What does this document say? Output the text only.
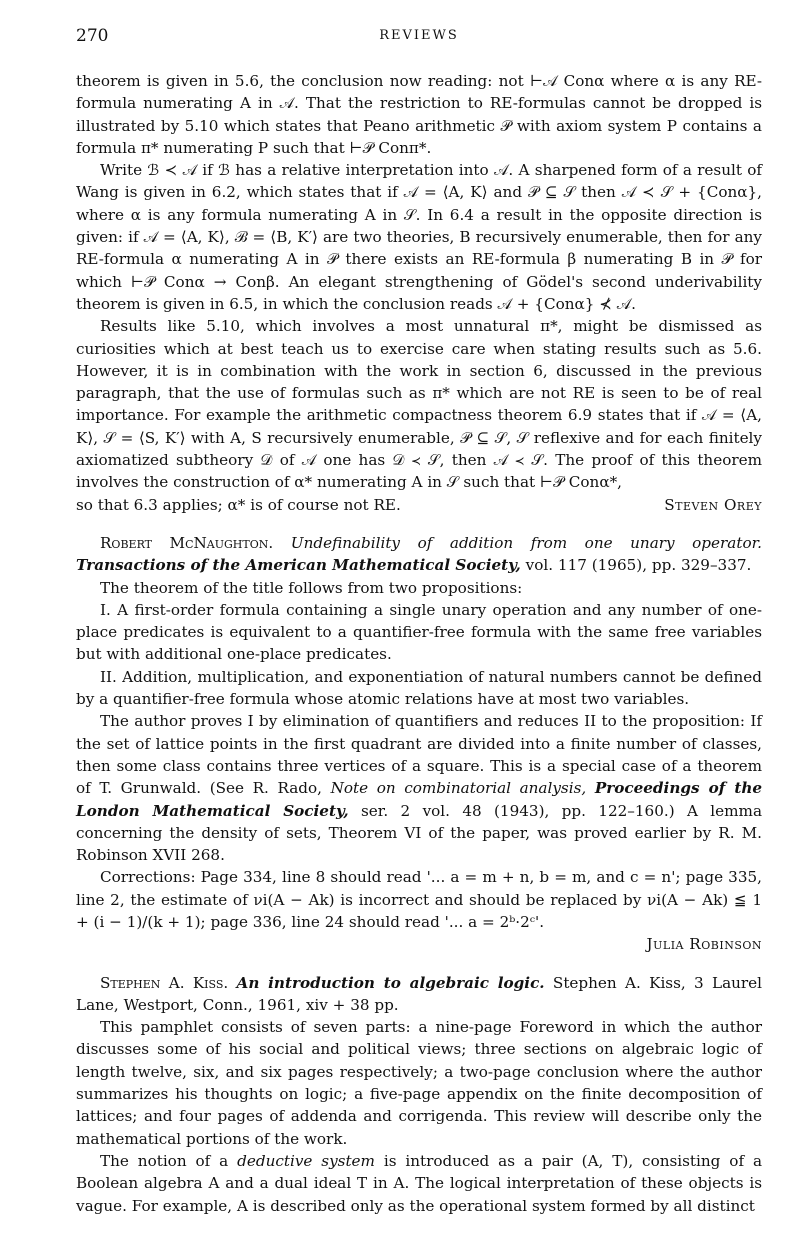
270	REVIEWS

theorem is given in 5.6, the conclusion now reading: not ⊢𝒜 Conα where α is any RE-formula numerating A in 𝒜. That the restriction to RE-formulas cannot be dropped is illustrated by 5.10 which states that Peano arithmetic 𝒫 with axiom system P contains a formula π* numerating P such that ⊢𝒫 Conπ*.

Write ℬ ≺ 𝒜 if ℬ has a relative interpretation into 𝒜. A sharpened form of a result of Wang is given in 6.2, which states that if 𝒜 = ⟨A, K⟩ and 𝒫 ⊆ 𝒮 then 𝒜 ≺ 𝒮 + {Conα}, where α is any formula numerating A in 𝒮. In 6.4 a result in the opposite direction is given: if 𝒜 = ⟨A, K⟩, ℬ = ⟨B, K′⟩ are two theories, B recursively enumerable, then for any RE-formula α numerating A in 𝒫 there exists an RE-formula β numerating B in 𝒫 for which ⊢𝒫 Conα → Conβ. An elegant strengthening of Gödel's second underivability theorem is given in 6.5, in which the conclusion reads 𝒜 + {Conα} ⊀ 𝒜.

Results like 5.10, which involves a most unnatural π*, might be dismissed as curiosities which at best teach us to exercise care when stating results such as 5.6. However, it is in combination with the work in section 6, discussed in the previous paragraph, that the use of formulas such as π* which are not RE is seen to be of real importance. For example the arithmetic compactness theorem 6.9 states that if 𝒜 = ⟨A, K⟩, 𝒮 = ⟨S, K′⟩ with A, S recursively enumerable, 𝒫 ⊆ 𝒮, 𝒮 reflexive and for each finitely axiomatized subtheory 𝒟 of 𝒜 one has 𝒟 ≺ 𝒮, then 𝒜 ≺ 𝒮. The proof of this theorem involves the construction of α* numerating A in 𝒮 such that ⊢𝒫 Conα*,

so that 6.3 applies; α* is of course not RE.	Steven Orey

Robert McNaughton. Undefinability of addition from one unary operator. Transactions of the American Mathematical Society, vol. 117 (1965), pp. 329–337.

The theorem of the title follows from two propositions:

I. A first-order formula containing a single unary operation and any number of one-place predicates is equivalent to a quantifier-free formula with the same free variables but with additional one-place predicates.

II. Addition, multiplication, and exponentiation of natural numbers cannot be defined by a quantifier-free formula whose atomic relations have at most two variables.

The author proves I by elimination of quantifiers and reduces II to the proposition: If the set of lattice points in the first quadrant are divided into a finite number of classes, then some class contains three vertices of a square. This is a special case of a theorem of T. Grunwald. (See R. Rado, Note on combinatorial analysis, Proceedings of the London Mathematical Society, ser. 2 vol. 48 (1943), pp. 122–160.) A lemma concerning the density of sets, Theorem VI of the paper, was proved earlier by R. M. Robinson XVII 268.

Corrections: Page 334, line 8 should read '... a = m + n, b = m, and c = n'; page 335, line 2, the estimate of νi(A − Ak) is incorrect and should be replaced by νi(A − Ak) ≦ 1 + (i − 1)/(k + 1); page 336, line 24 should read '... a = 2ᵇ·2ᶜ'.

Julia Robinson

Stephen A. Kiss. An introduction to algebraic logic. Stephen A. Kiss, 3 Laurel Lane, Westport, Conn., 1961, xiv + 38 pp.

This pamphlet consists of seven parts: a nine-page Foreword in which the author discusses some of his social and political views; three sections on algebraic logic of length twelve, six, and six pages respectively; a two-page conclusion where the author summarizes his thoughts on logic; a five-page appendix on the finite decomposition of lattices; and four pages of addenda and corrigenda. This review will describe only the mathematical portions of the work.

The notion of a deductive system is introduced as a pair (A, T), consisting of a Boolean algebra A and a dual ideal T in A. The logical interpretation of these objects is vague. For example, A is described only as the operational system formed by all distinct
